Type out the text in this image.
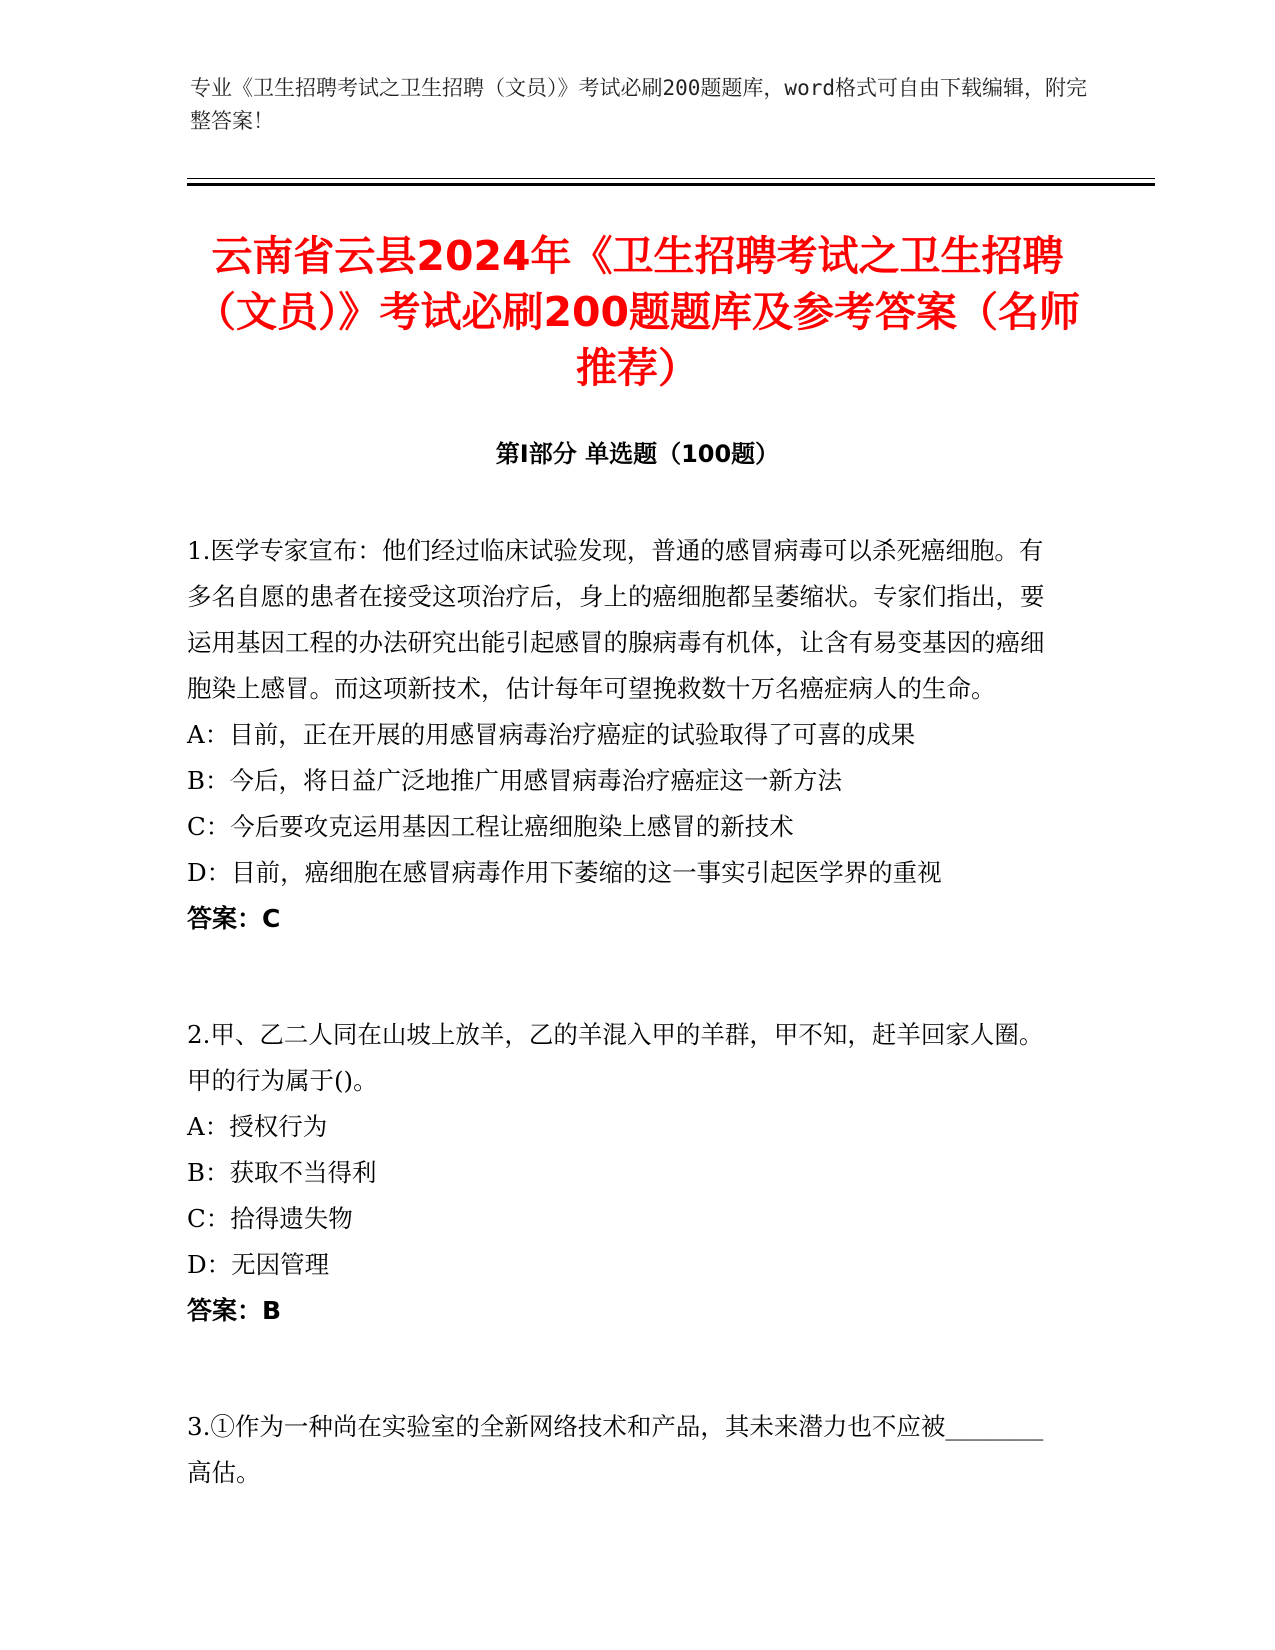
专业《卫生招聘考试之卫生招聘（文员）》考试必刷200题题库，word格式可自由下载编辑，附完整答案！
云南省云县2024年《卫生招聘考试之卫生招聘（文员）》考试必刷200题题库及参考答案（名师推荐）
第Ⅰ部分 单选题（100题）

1.医学专家宣布：他们经过临床试验发现，普通的感冒病毒可以杀死癌细胞。有多名自愿的患者在接受这项治疗后，身上的癌细胞都呈萎缩状。专家们指出，要运用基因工程的办法研究出能引起感冒的腺病毒有机体，让含有易变基因的癌细胞染上感冒。而这项新技术，估计每年可望挽救数十万名癌症病人的生命。

A：目前，正在开展的用感冒病毒治疗癌症的试验取得了可喜的成果

B：今后，将日益广泛地推广用感冒病毒治疗癌症这一新方法

C：今后要攻克运用基因工程让癌细胞染上感冒的新技术

D：目前，癌细胞在感冒病毒作用下萎缩的这一事实引起医学界的重视

答案：C

2.甲、乙二人同在山坡上放羊，乙的羊混入甲的羊群，甲不知，赶羊回家人圈。甲的行为属于()。

A：授权行为

B：获取不当得利

C：拾得遗失物

D：无因管理

答案：B

3.①作为一种尚在实验室的全新网络技术和产品，其未来潜力也不应被________高估。
